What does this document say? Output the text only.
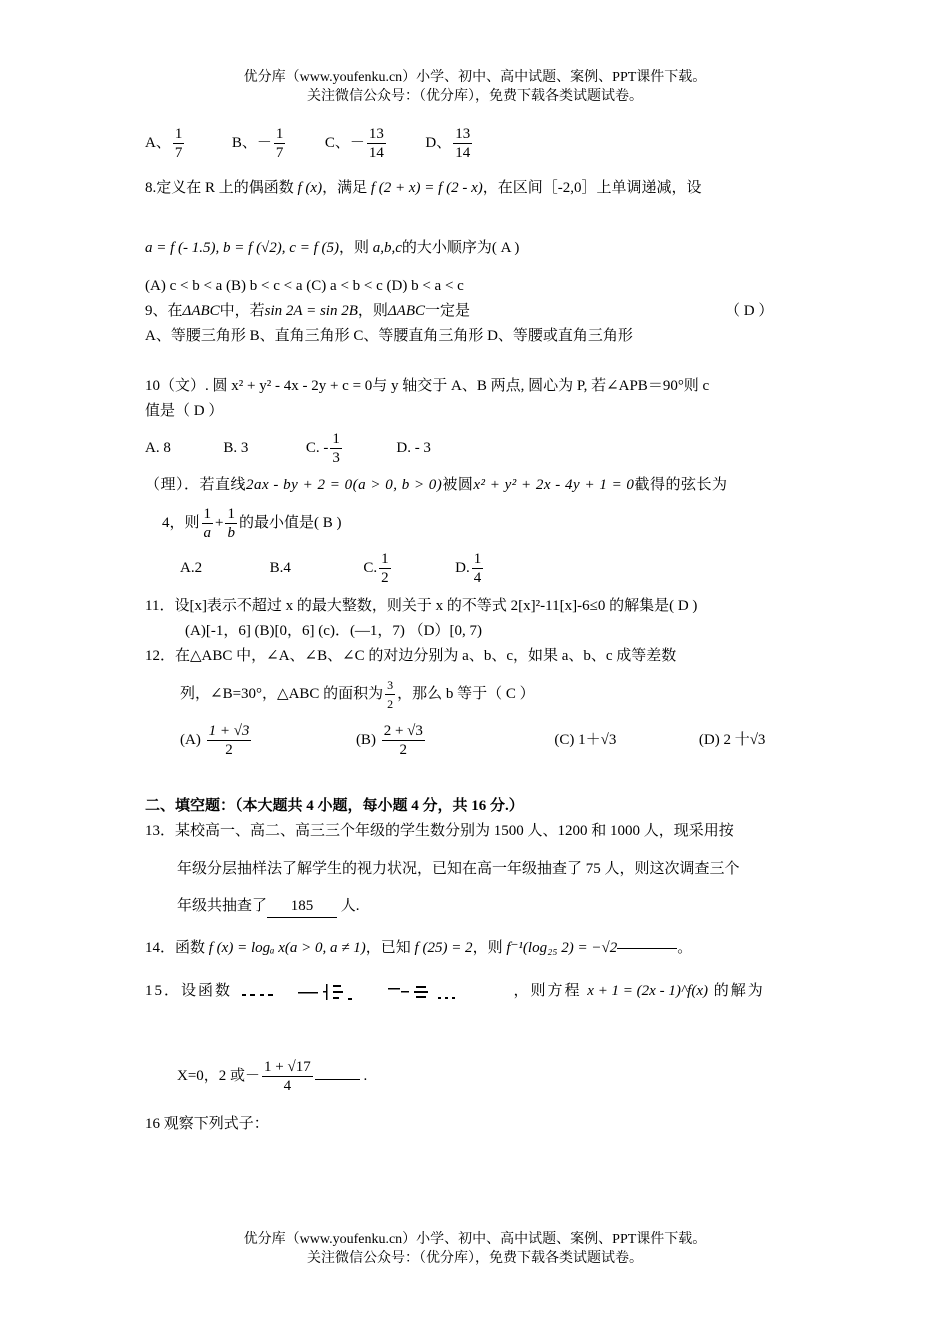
优分库（www.youfenku.cn）小学、初中、高中试题、案例、PPT课件下载。
关注微信公众号：（优分库），免费下载各类试题试卷。
A、 $\frac{1}{7}$	B、－ $\frac{1}{7}$	C、－ $\frac{13}{14}$	D、 $\frac{13}{14}$
8.定义在 R 上的偶函数 f (x)，满足 f (2 + x) = f (2 - x)，在区间［-2,0］上单调递减，设
a = f (- 1.5), b = f (√2), c = f (5)，则 a,b,c的大小顺序为( A )
(A) c < b < a (B) b < c < a (C) a < b < c (D) b < a < c
9、在ΔABC中，若sin 2A = sin 2B，则ΔABC一定是	（ D ）
A、等腰三角形 B、直角三角形 C、等腰直角三角形 D、等腰或直角三角形
10（文）. 圆 x² + y² - 4x - 2y + c = 0与 y 轴交于 A、B 两点, 圆心为 P, 若∠APB＝90°则 c
值是（ D ）
A. 8	B. 3	C. - $\frac{1}{3}$	D. - 3
（理）．若直线2ax - by + 2 = 0(a > 0, b > 0)被圆x² + y² + 2x - 4y + 1 = 0截得的弦长为
4，则 $\frac{1}{a} + \frac{1}{b}$ 的最小值是( B )
A.2	B.4	C. $\frac{1}{2}$	D. $\frac{1}{4}$
11．设[x]表示不超过 x 的最大整数，则关于 x 的不等式 2[x]²-11[x]-6≤0 的解集是( D )
(A)[-1，6] (B)[0，6] (c)．(—1，7) （D）[0, 7)
12．在△ABC 中，∠A、∠B、∠C 的对边分别为 a、b、c，如果 a、b、c 成等差数
列，∠B=30°，△ABC 的面积为 $\frac{3}{2}$ ，那么 b 等于（ C ）
$(A) \frac{1 + √3}{2}$	$(B) \frac{2 + √3}{2}$	(C) 1＋√3	(D) 2 十√3
二、填空题：（本大题共 4 小题，每小题 4 分，共 16 分.）
13．某校高一、高二、高三三个年级的学生数分别为 1500 人、1200 和 1000 人，现采用按
年级分层抽样法了解学生的视力状况，已知在高一年级抽查了 75 人，则这次调查三个
年级共抽查了 185 人.
14．函数 f (x) = logₐ x(a > 0, a ≠ 1)，已知 f (25) = 2，则 f⁻¹(log₂₅ 2) = −√2	。
15．设函数	，则方程 x + 1 = (2x - 1)^f(x) 的解为
X=0，2 或－ $\frac{1 + √17}{4}$	.
16 观察下列式子：
优分库（www.youfenku.cn）小学、初中、高中试题、案例、PPT课件下载。
关注微信公众号：（优分库），免费下载各类试题试卷。
